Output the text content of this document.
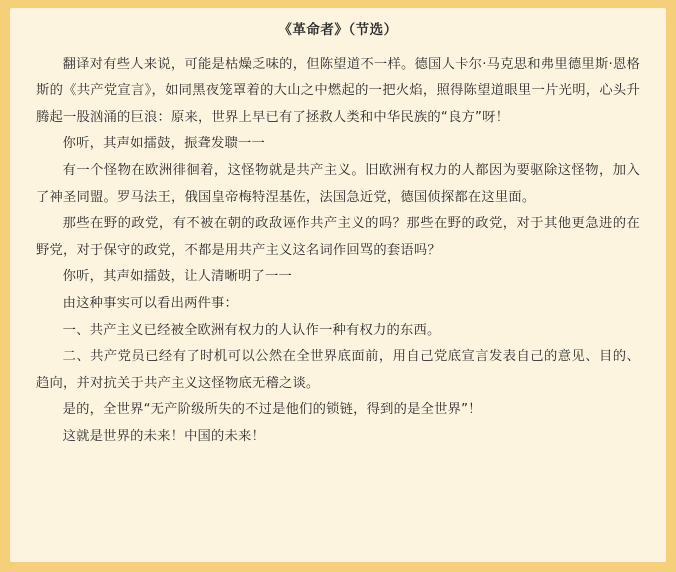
《革命者》（节选）

翻译对有些人来说，可能是枯燥乏味的，但陈望道不一样。德国人卡尔·马克思和弗里德里斯·恩格斯的《共产党宣言》，如同黑夜笼罩着的大山之中燃起的一把火焰，照得陈望道眼里一片光明，心头升腾起一股汹涌的巨浪：原来，世界上早已有了拯救人类和中华民族的“良方”呀！

你听，其声如擂鼓，振聋发聩一一

有一个怪物在欧洲徘徊着，这怪物就是共产主义。旧欧洲有权力的人都因为要驱除这怪物，加入了神圣同盟。罗马法王，俄国皇帝梅特涅基佐，法国急近党，德国侦探都在这里面。

那些在野的政党，有不被在朝的政敌诬作共产主义的吗？那些在野的政党，对于其他更急进的在野党，对于保守的政党，不都是用共产主义这名词作回骂的套语吗？

你听，其声如擂鼓，让人清晰明了一一

由这种事实可以看出两件事：

一、共产主义已经被全欧洲有权力的人认作一种有权力的东西。

二、共产党员已经有了时机可以公然在全世界底面前，用自己党底宣言发表自己的意见、目的、趋向，并对抗关于共产主义这怪物底无稽之谈。

是的，全世界“无产阶级所失的不过是他们的锁链，得到的是全世界”！

这就是世界的未来！中国的未来！
